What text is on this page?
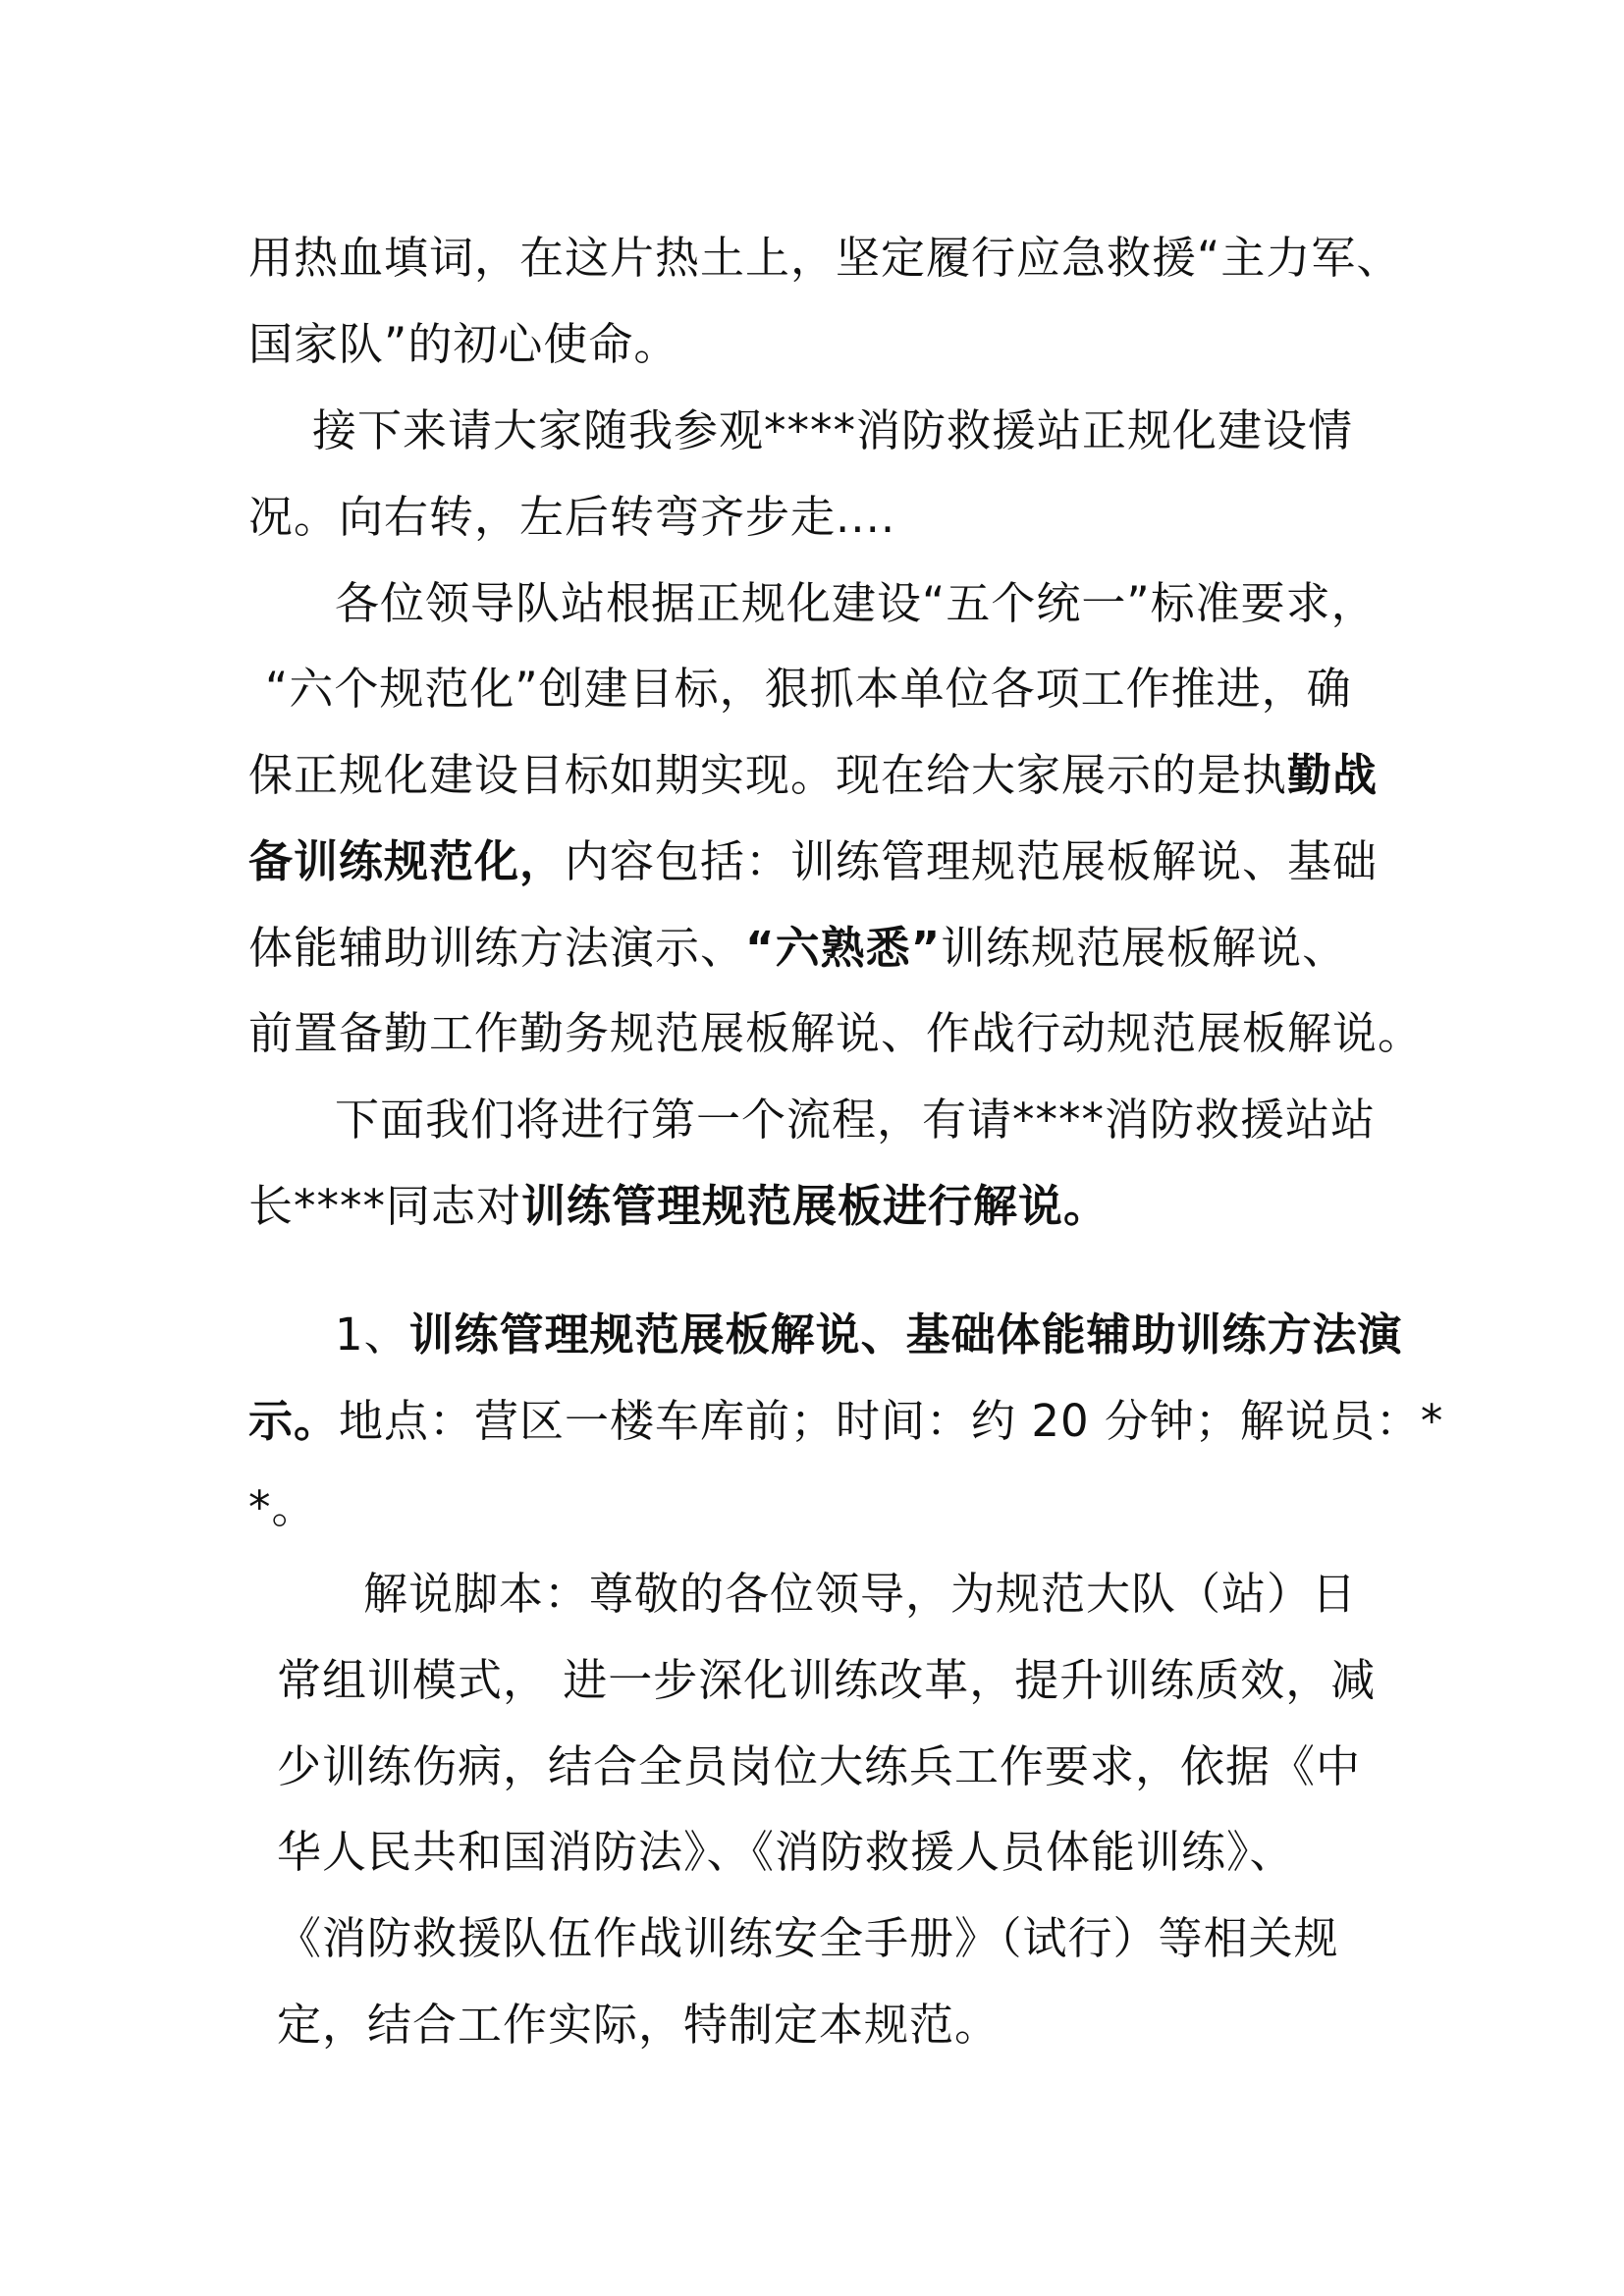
用热血填词，在这片热土上，坚定履行应急救援“主力军、
国家队”的初心使命。
接下来请大家随我参观****消防救援站正规化建设情
况。向右转，左后转弯齐步走....
各位领导队站根据正规化建设“五个统一”标准要求，
“六个规范化”创建目标，狠抓本单位各项工作推进，确
保正规化建设目标如期实现。现在给大家展示的是执勤战
备训练规范化，内容包括：训练管理规范展板解说、基础
体能辅助训练方法演示、“六熟悉”训练规范展板解说、
前置备勤工作勤务规范展板解说、作战行动规范展板解说。
下面我们将进行第一个流程，有请****消防救援站站
长****同志对训练管理规范展板进行解说。
1、训练管理规范展板解说、基础体能辅助训练方法演
示。地点：营区一楼车库前；时间：约 20 分钟；解说员：*
*。
解说脚本：尊敬的各位领导，为规范大队（站）日
常组训模式， 进一步深化训练改革，提升训练质效，减
少训练伤病，结合全员岗位大练兵工作要求，依据《中
华人民共和国消防法》、《消防救援人员体能训练》、
《消防救援队伍作战训练安全手册》（试行）等相关规
定，结合工作实际，特制定本规范。
